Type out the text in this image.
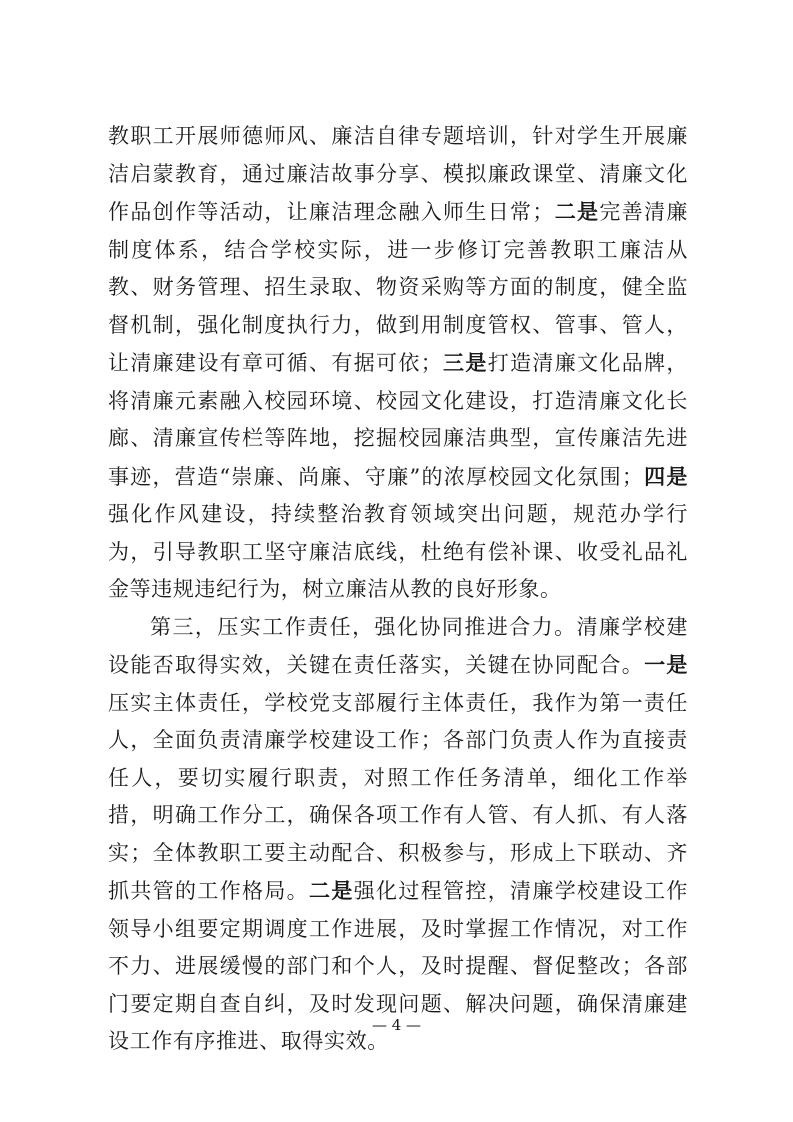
教职工开展师德师风、廉洁自律专题培训，针对学生开展廉洁启蒙教育，通过廉洁故事分享、模拟廉政课堂、清廉文化作品创作等活动，让廉洁理念融入师生日常；二是完善清廉制度体系，结合学校实际，进一步修订完善教职工廉洁从教、财务管理、招生录取、物资采购等方面的制度，健全监督机制，强化制度执行力，做到用制度管权、管事、管人，让清廉建设有章可循、有据可依；三是打造清廉文化品牌，将清廉元素融入校园环境、校园文化建设，打造清廉文化长廊、清廉宣传栏等阵地，挖掘校园廉洁典型，宣传廉洁先进事迹，营造“崇廉、尚廉、守廉”的浓厚校园文化氛围；四是强化作风建设，持续整治教育领域突出问题，规范办学行为，引导教职工坚守廉洁底线，杜绝有偿补课、收受礼品礼金等违规违纪行为，树立廉洁从教的良好形象。

第三，压实工作责任，强化协同推进合力。清廉学校建设能否取得实效，关键在责任落实，关键在协同配合。一是压实主体责任，学校党支部履行主体责任，我作为第一责任人，全面负责清廉学校建设工作；各部门负责人作为直接责任人，要切实履行职责，对照工作任务清单，细化工作举措，明确工作分工，确保各项工作有人管、有人抓、有人落实；全体教职工要主动配合、积极参与，形成上下联动、齐抓共管的工作格局。二是强化过程管控，清廉学校建设工作领导小组要定期调度工作进展，及时掌握工作情况，对工作不力、进展缓慢的部门和个人，及时提醒、督促整改；各部门要定期自查自纠，及时发现问题、解决问题，确保清廉建设工作有序推进、取得实效。

— 4 —
